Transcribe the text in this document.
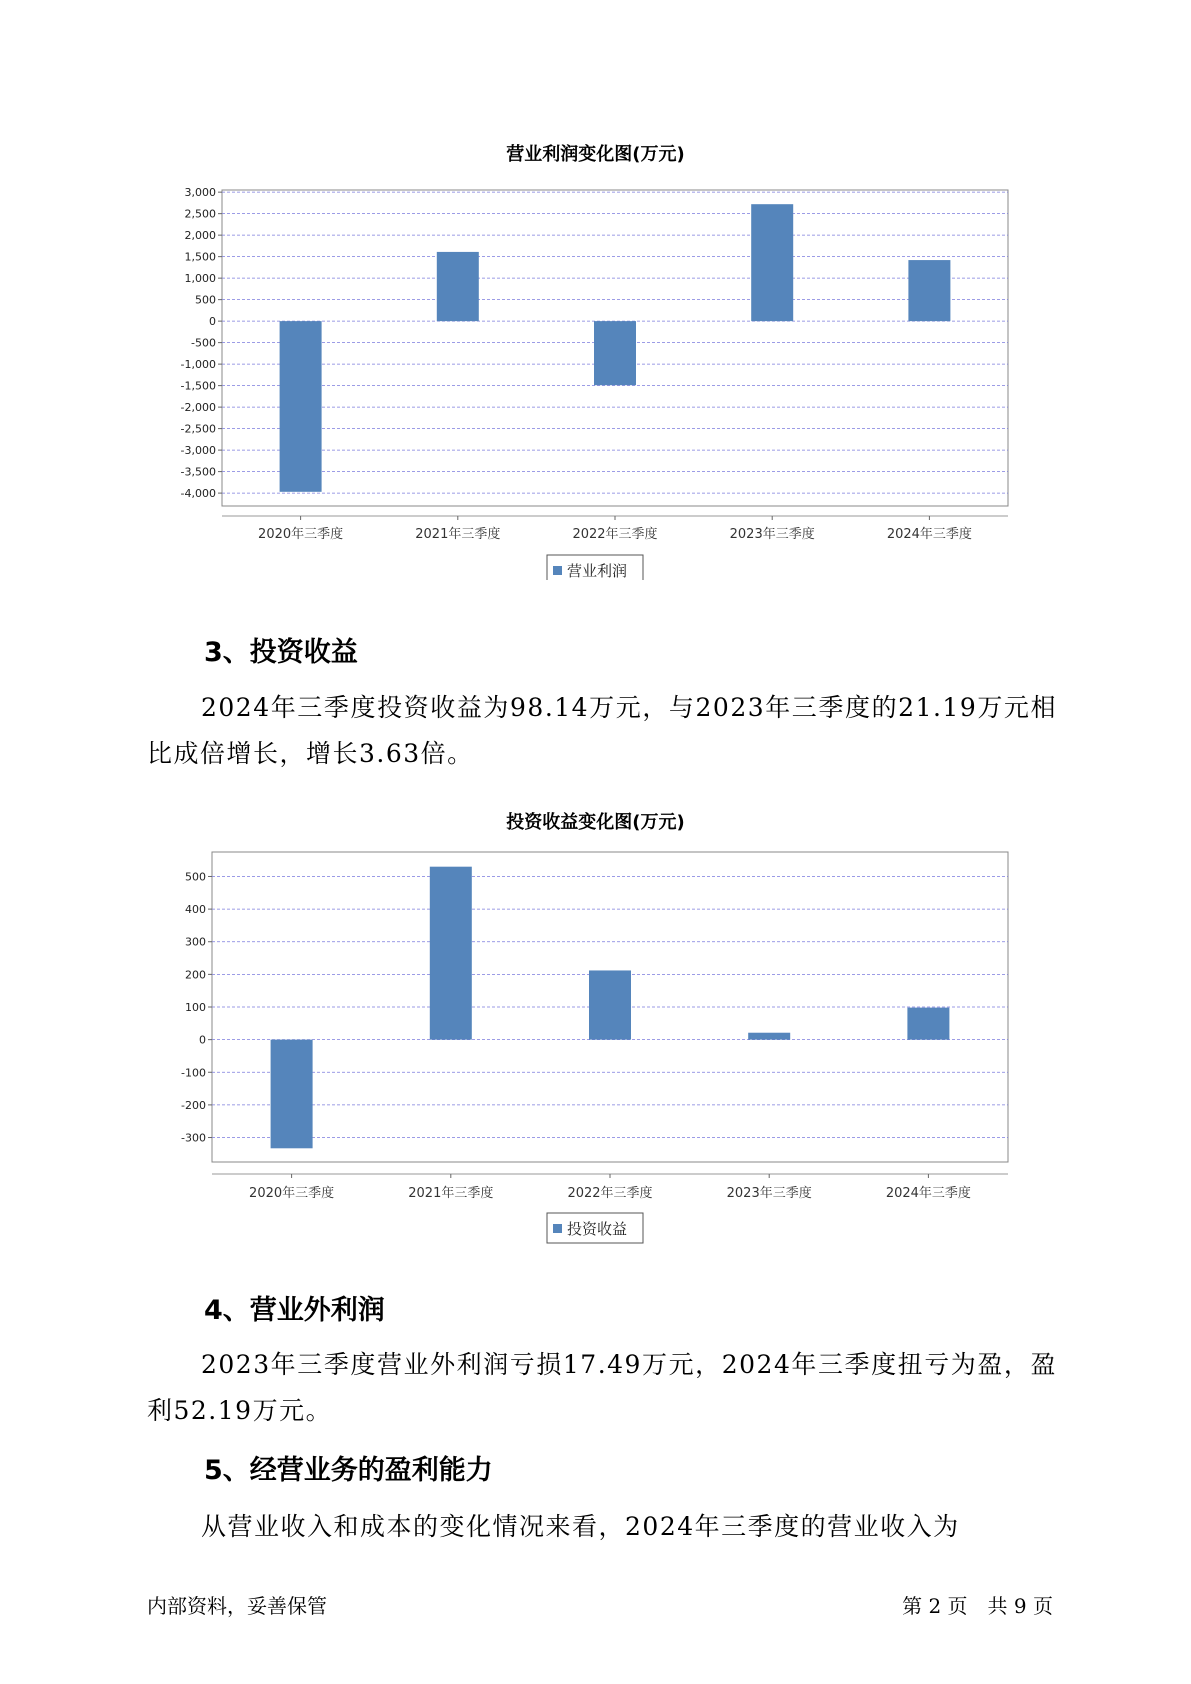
营业利润变化图(万元)
3,000
2,500
2,000
1,500
1,000
500
0
-500
-1,000
-1,500
-2,000
-2,500
-3,000
-3,500
-4,000
2020年三季度	2021年三季度	2022年三季度	2023年三季度	2024年三季度
营业利润
3、投资收益
2024年三季度投资收益为98.14万元，与2023年三季度的21.19万元相比成倍增长，增长3.63倍。
投资收益变化图(万元)
500
400
300
200
100
0
-100
-200
-300
2020年三季度	2021年三季度	2022年三季度	2023年三季度	2024年三季度
投资收益
4、营业外利润
2023年三季度营业外利润亏损17.49万元，2024年三季度扭亏为盈，盈利52.19万元。
5、经营业务的盈利能力
从营业收入和成本的变化情况来看，2024年三季度的营业收入为
内部资料，妥善保管	第 2 页　共 9 页
